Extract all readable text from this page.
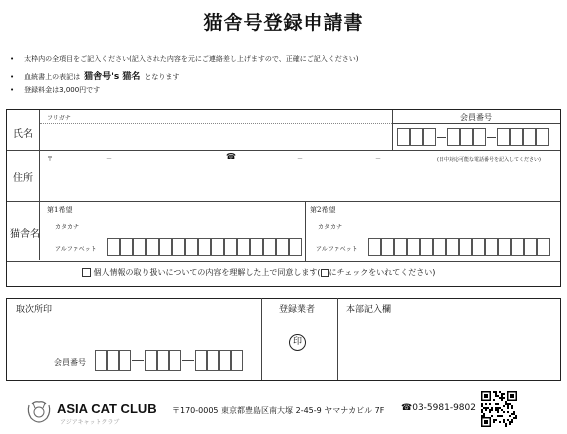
猫舎号登録申請書
• 太枠内の全項目をご記入ください(記入された内容を元にご連絡差し上げますので、正確にご記入ください)
• 血統書上の表記は 猫舎号's 猫名 となります
• 登録料金は3,000円です
氏名
フリガナ	会員番号
住所
〒	－	☎	－	－	(日中対応可能な電話番号を記入してください)
猫舎名
第1希望	第2希望
カタカナ	カタカナ
アルファベット	アルファベット
個人情報の取り扱いについての内容を理解した上で同意します( にチェックをいれてください)
取次所印	登録業者	本部記入欄
印
会員番号
ASIA CAT CLUB
アジアキャットクラブ
〒170-0005 東京都豊島区南大塚 2-45-9 ヤマナカビル 7F ☎03-5981-9802
